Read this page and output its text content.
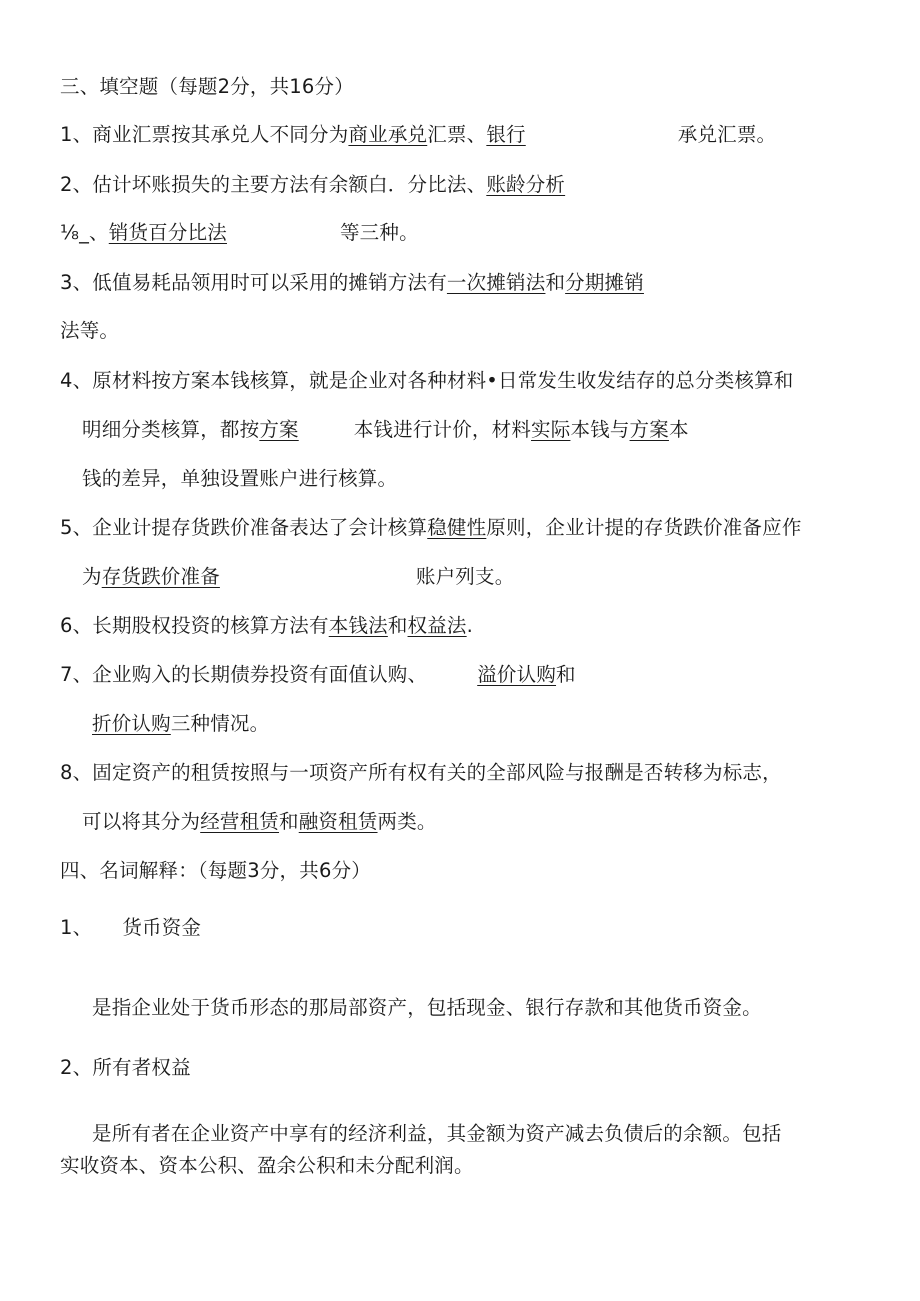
三、填空题（每题2分，共16分）
1、商业汇票按其承兑人不同分为商业承兑汇票、银行	承兑汇票。
2、估计坏账损失的主要方法有余额白．分比法、账龄分析
⅛_、销货百分比法	等三种。
3、低值易耗品领用时可以采用的摊销方法有一次摊销法和分期摊销
法等。
4、原材料按方案本钱核算，就是企业对各种材料•日常发生收发结存的总分类核算和
明细分类核算，都按方案	本钱进行计价，材料实际本钱与方案本
钱的差异，单独设置账户进行核算。
5、企业计提存货跌价准备表达了会计核算稳健性原则，企业计提的存货跌价准备应作
为存货跌价准备	账户列支。
6、长期股权投资的核算方法有本钱法和权益法.
7、企业购入的长期债券投资有面值认购、	溢价认购和
折价认购三种情况。
8、固定资产的租赁按照与一项资产所有权有关的全部风险与报酬是否转移为标志，
可以将其分为经营租赁和融资租赁两类。
四、名词解释：（每题3分，共6分）
1、 货币资金
是指企业处于货币形态的那局部资产，包括现金、银行存款和其他货币资金。
2、所有者权益
是所有者在企业资产中享有的经济利益，其金额为资产减去负债后的余额。包括
实收资本、资本公积、盈余公积和未分配利润。
